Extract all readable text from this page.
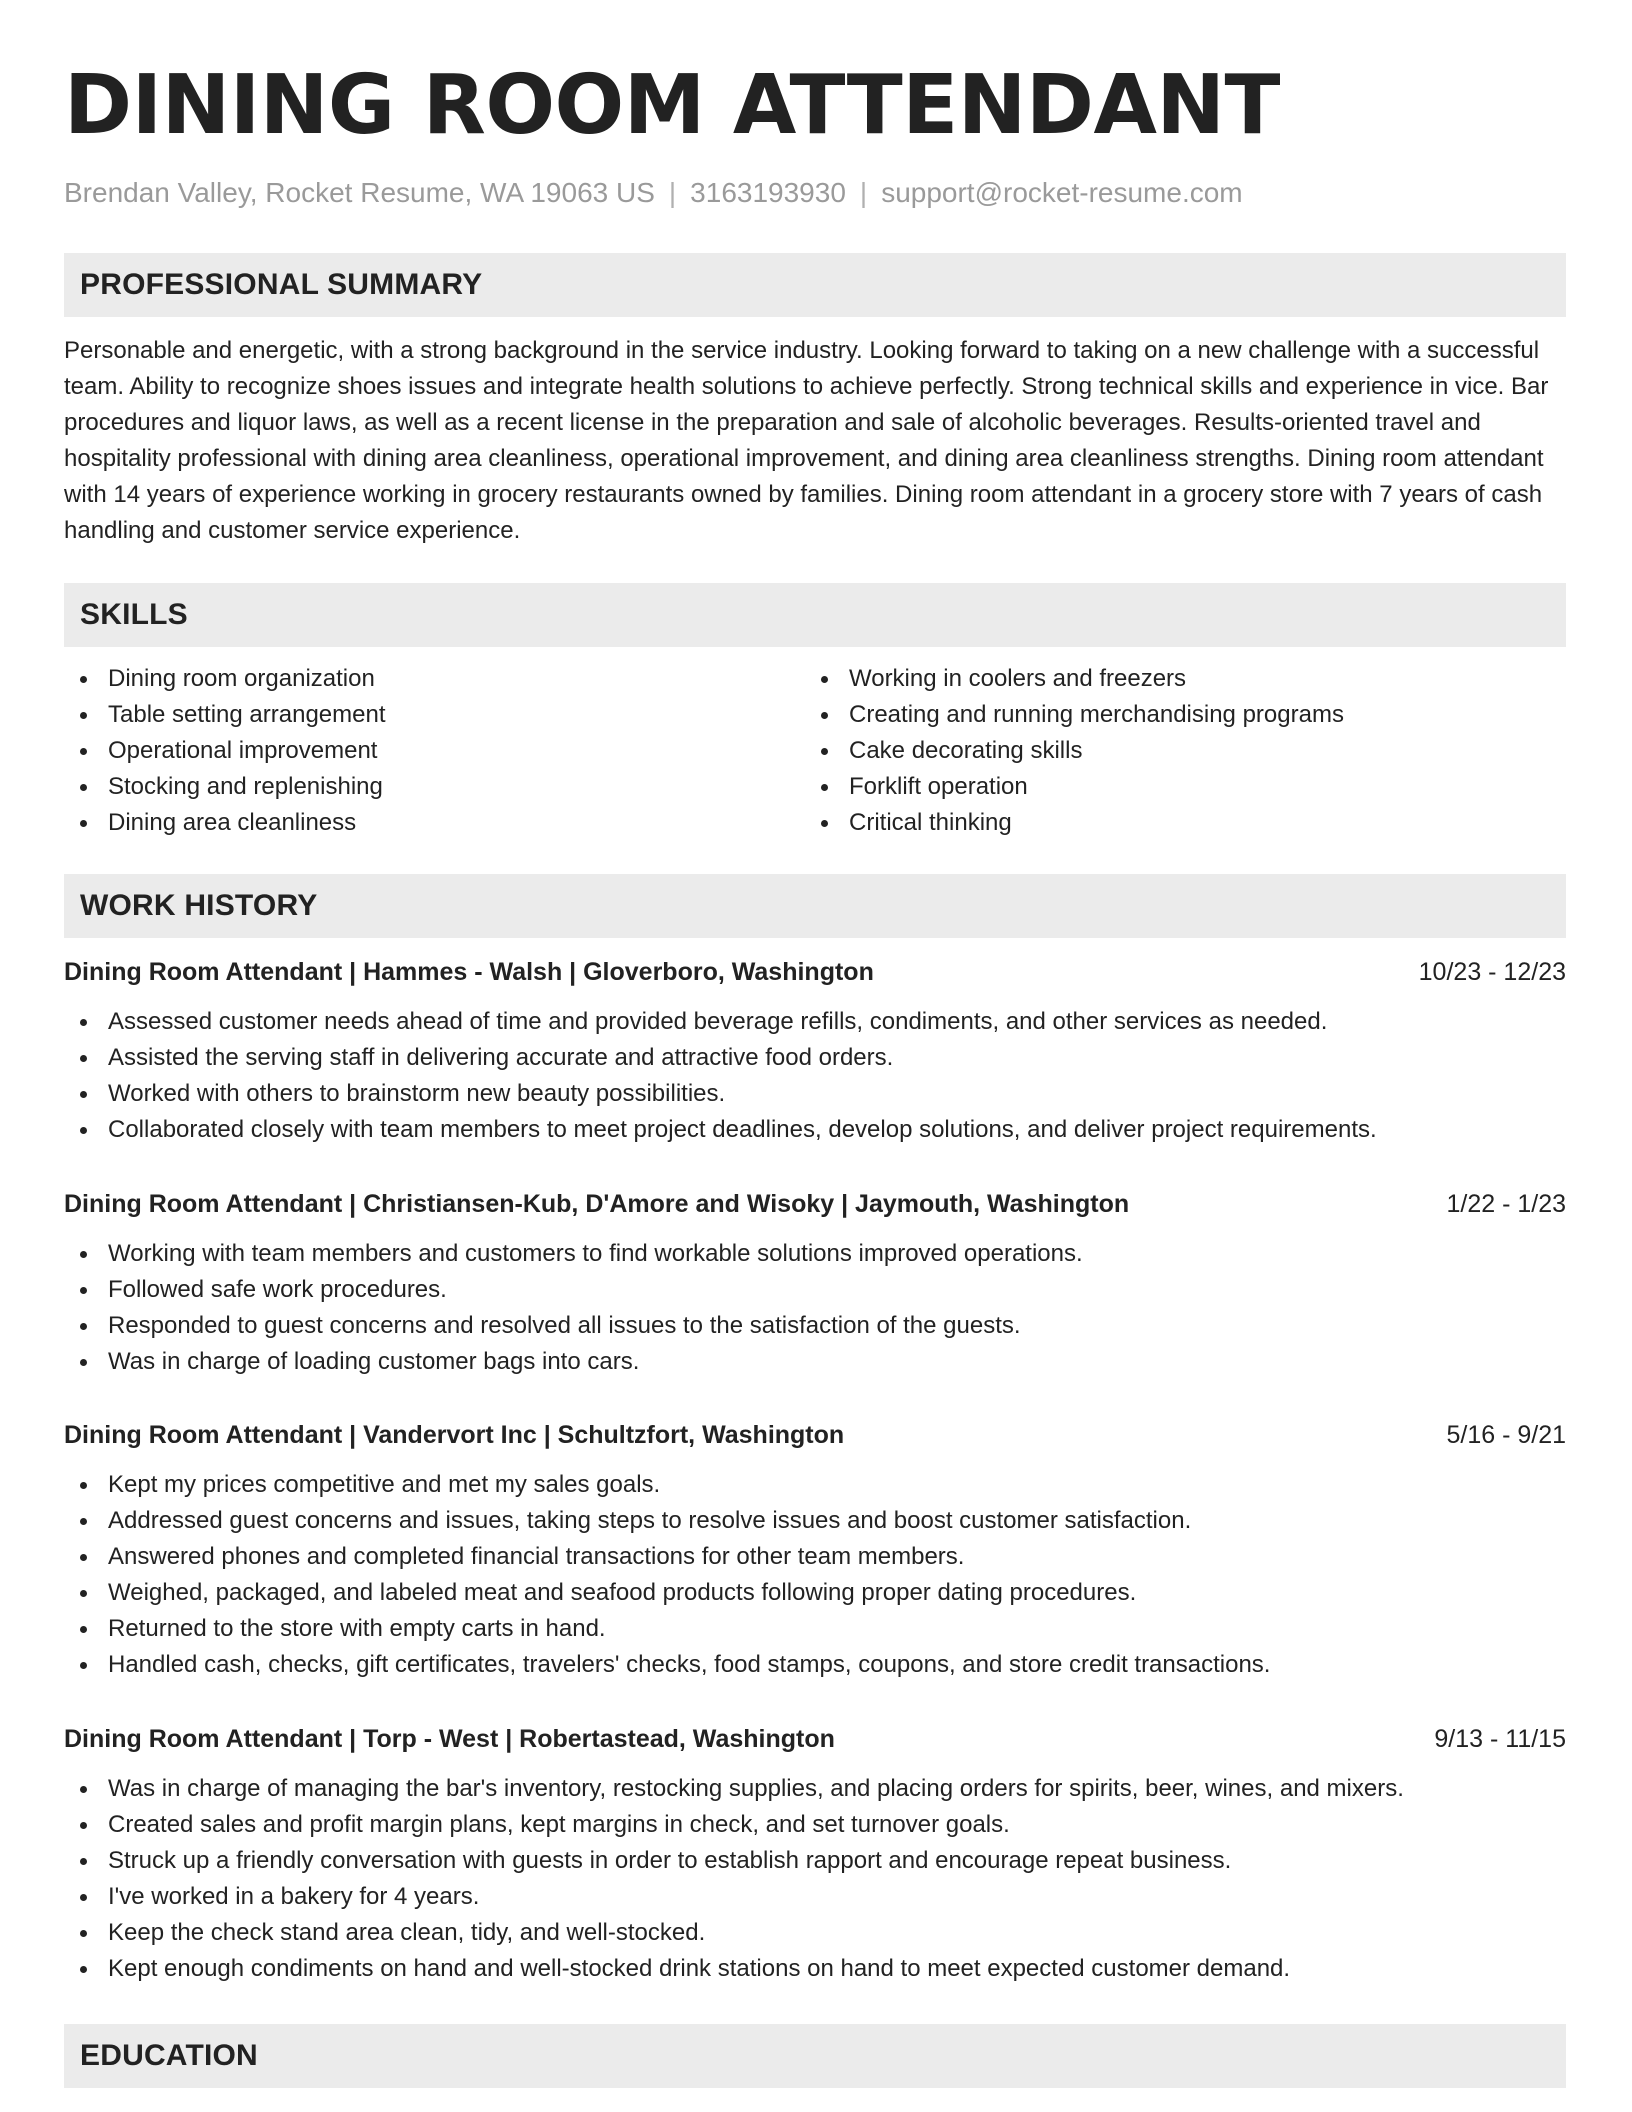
DINING ROOM ATTENDANT
Brendan Valley, Rocket Resume, WA 19063 US | 3163193930 | support@rocket-resume.com
PROFESSIONAL SUMMARY

Personable and energetic, with a strong background in the service industry. Looking forward to taking on a new challenge with a successful team. Ability to recognize shoes issues and integrate health solutions to achieve perfectly. Strong technical skills and experience in vice. Bar procedures and liquor laws, as well as a recent license in the preparation and sale of alcoholic beverages. Results-oriented travel and hospitality professional with dining area cleanliness, operational improvement, and dining area cleanliness strengths. Dining room attendant with 14 years of experience working in grocery restaurants owned by families. Dining room attendant in a grocery store with 7 years of cash handling and customer service experience.

SKILLS
Dining room organization
Table setting arrangement
Operational improvement
Stocking and replenishing
Dining area cleanliness
Working in coolers and freezers
Creating and running merchandising programs
Cake decorating skills
Forklift operation
Critical thinking
WORK HISTORY
Dining Room Attendant | Hammes - Walsh | Gloverboro, Washington	10/23 - 12/23
Assessed customer needs ahead of time and provided beverage refills, condiments, and other services as needed.
Assisted the serving staff in delivering accurate and attractive food orders.
Worked with others to brainstorm new beauty possibilities.
Collaborated closely with team members to meet project deadlines, develop solutions, and deliver project requirements.
Dining Room Attendant | Christiansen-Kub, D'Amore and Wisoky | Jaymouth, Washington	1/22 - 1/23
Working with team members and customers to find workable solutions improved operations.
Followed safe work procedures.
Responded to guest concerns and resolved all issues to the satisfaction of the guests.
Was in charge of loading customer bags into cars.
Dining Room Attendant | Vandervort Inc | Schultzfort, Washington	5/16 - 9/21
Kept my prices competitive and met my sales goals.
Addressed guest concerns and issues, taking steps to resolve issues and boost customer satisfaction.
Answered phones and completed financial transactions for other team members.
Weighed, packaged, and labeled meat and seafood products following proper dating procedures.
Returned to the store with empty carts in hand.
Handled cash, checks, gift certificates, travelers' checks, food stamps, coupons, and store credit transactions.
Dining Room Attendant | Torp - West | Robertastead, Washington	9/13 - 11/15
Was in charge of managing the bar's inventory, restocking supplies, and placing orders for spirits, beer, wines, and mixers.
Created sales and profit margin plans, kept margins in check, and set turnover goals.
Struck up a friendly conversation with guests in order to establish rapport and encourage repeat business.
I've worked in a bakery for 4 years.
Keep the check stand area clean, tidy, and well-stocked.
Kept enough condiments on hand and well-stocked drink stations on hand to meet expected customer demand.
EDUCATION
